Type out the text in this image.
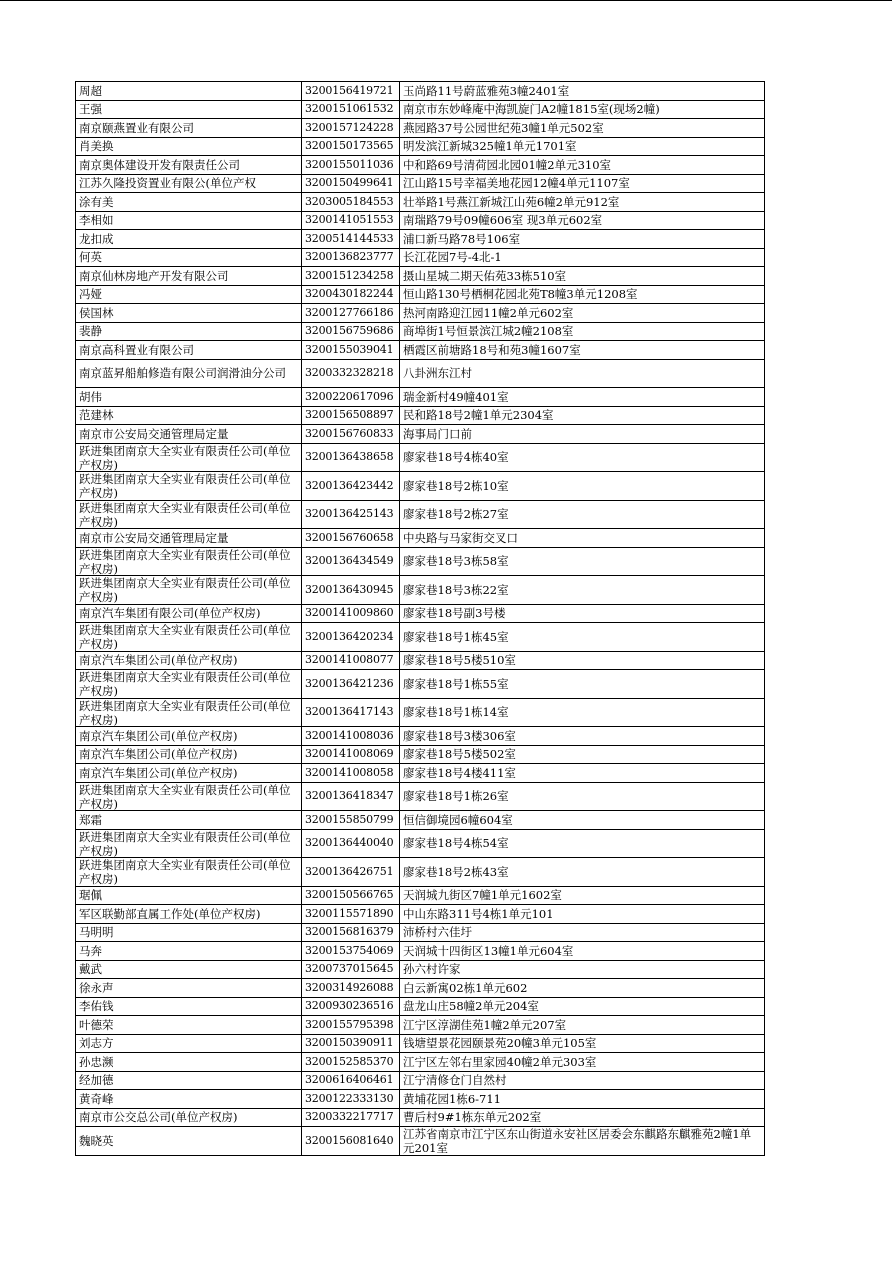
周超	3200156419721	玉尚路11号蔚蓝雅苑3幢2401室
王强	3200151061532	南京市东妙峰庵中海凯旋门A2幢1815室(现场2幢)
南京颐燕置业有限公司	3200157124228	燕园路37号公园世纪苑3幢1单元502室
肖美换	3200150173565	明发滨江新城325幢1单元1701室
南京奥体建设开发有限责任公司	3200155011036	中和路69号清荷园北园01幢2单元310室
江苏久隆投资置业有限公(单位产权	3200150499641	江山路15号幸福美地花园12幢4单元1107室
涂有美	3203005184553	壮举路1号燕江新城江山苑6幢2单元912室
李相如	3200141051553	南瑞路79号09幢606室 现3单元602室
龙扣成	3200514144533	浦口新马路78号106室
何英	3200136823777	长江花园7号-4北-1
南京仙林房地产开发有限公司	3200151234258	摄山星城二期天佑苑33栋510室
冯娅	3200430182244	恒山路130号栖桐花园北苑T8幢3单元1208室
侯国林	3200127766186	热河南路迎江园11幢2单元602室
裴静	3200156759686	商埠街1号恒景滨江城2幢2108室
南京高科置业有限公司	3200155039041	栖霞区前塘路18号和苑3幢1607室

南京蓝昇船舶修造有限公司润滑油分公司	3200332328218	八卦洲东江村

胡伟	3200220617096	瑞金新村49幢401室
范建林	3200156508897	民和路18号2幢1单元2304室
南京市公安局交通管理局定量	3200156760833	海事局门口前

跃进集团南京大全实业有限责任公司(单位产权房)	3200136438658	廖家巷18号4栋40室

跃进集团南京大全实业有限责任公司(单位产权房)	3200136423442	廖家巷18号2栋10室

跃进集团南京大全实业有限责任公司(单位产权房)	3200136425143	廖家巷18号2栋27室

南京市公安局交通管理局定量	3200156760658	中央路与马家街交叉口

跃进集团南京大全实业有限责任公司(单位产权房)	3200136434549	廖家巷18号3栋58室

跃进集团南京大全实业有限责任公司(单位产权房)	3200136430945	廖家巷18号3栋22室

南京汽车集团有限公司(单位产权房)	3200141009860	廖家巷18号副3号楼

跃进集团南京大全实业有限责任公司(单位产权房)	3200136420234	廖家巷18号1栋45室

南京汽车集团公司(单位产权房)	3200141008077	廖家巷18号5楼510室

跃进集团南京大全实业有限责任公司(单位产权房)	3200136421236	廖家巷18号1栋55室

跃进集团南京大全实业有限责任公司(单位产权房)	3200136417143	廖家巷18号1栋14室

南京汽车集团公司(单位产权房)	3200141008036	廖家巷18号3楼306室
南京汽车集团公司(单位产权房)	3200141008069	廖家巷18号5楼502室
南京汽车集团公司(单位产权房)	3200141008058	廖家巷18号4楼411室

跃进集团南京大全实业有限责任公司(单位产权房)	3200136418347	廖家巷18号1栋26室

郑霜	3200155850799	恒信御境园6幢604室

跃进集团南京大全实业有限责任公司(单位产权房)	3200136440040	廖家巷18号4栋54室

跃进集团南京大全实业有限责任公司(单位产权房)	3200136426751	廖家巷18号2栋43室

琚佩	3200150566765	天润城九街区7幢1单元1602室
军区联勤部直属工作处(单位产权房)	3200115571890	中山东路311号4栋1单元101
马明明	3200156816379	沛桥村六佳圩
马奔	3200153754069	天润城十四街区13幢1单元604室
戴武	3200737015645	孙六村许家
徐永声	3200314926088	白云新寓02栋1单元602
李佑钱	3200930236516	盘龙山庄58幢2单元204室
叶德荣	3200155795398	江宁区淳湖佳苑1幢2单元207室
刘志方	3200150390911	钱塘望景花园颐景苑20幢3单元105室
孙忠濒	3200152585370	江宁区左邻右里家园40幢2单元303室
经加德	3200616406461	江宁清修仓门自然村
黄奇峰	3200122333130	黄埔花园1栋6-711
南京市公交总公司(单位产权房)	3200332217717	曹后村9#1栋东单元202室

魏晓英	3200156081640	江苏省南京市江宁区东山街道永安社区居委会东麒路东麒雅苑2幢1单元201室
